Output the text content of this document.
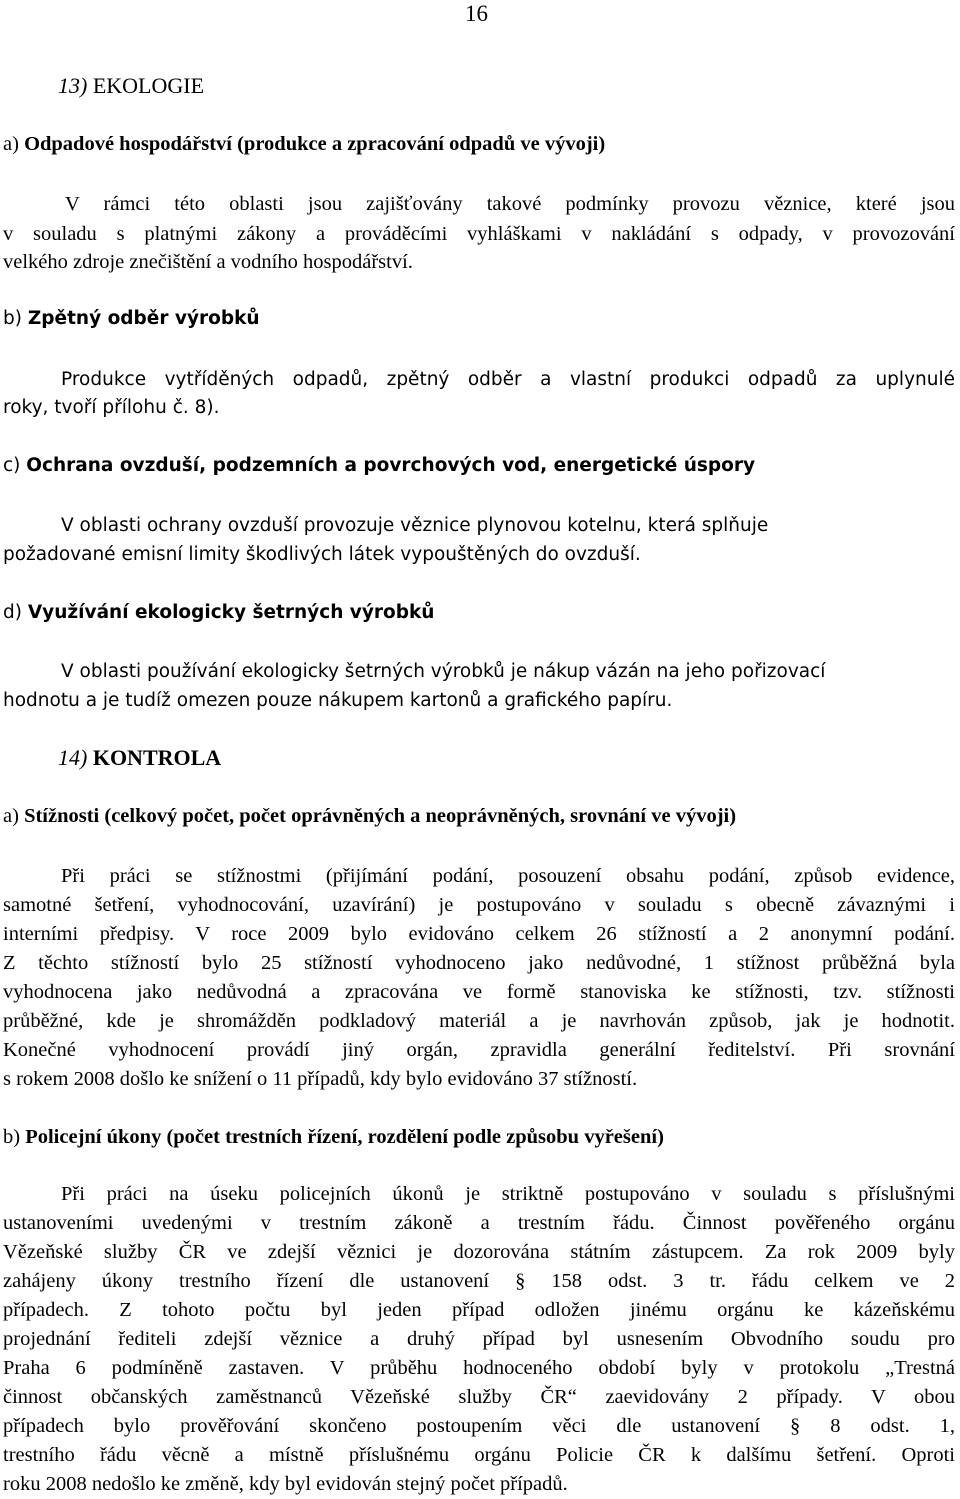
16
13) EKOLOGIE
a) Odpadové hospodářství (produkce a zpracování odpadů ve vývoji)
V rámci této oblasti jsou zajišťovány takové podmínky provozu věznice, které jsou
v souladu s platnými zákony a prováděcími vyhláškami v nakládání s odpady, v provozování
velkého zdroje znečištění a vodního hospodářství.
b) Zpětný odběr výrobků
Produkce vytříděných odpadů, zpětný odběr a vlastní produkci odpadů za uplynulé
roky, tvoří přílohu č. 8).
c) Ochrana ovzduší, podzemních a povrchových vod, energetické úspory
V oblasti ochrany ovzduší provozuje věznice plynovou kotelnu, která splňuje
požadované emisní limity škodlivých látek vypouštěných do ovzduší.
d) Využívání ekologicky šetrných výrobků
V oblasti používání ekologicky šetrných výrobků je nákup vázán na jeho pořizovací
hodnotu a je tudíž omezen pouze nákupem kartonů a grafického papíru.
14) KONTROLA
a) Stížnosti (celkový počet, počet oprávněných a neoprávněných, srovnání ve vývoji)
Při práci se stížnostmi (přijímání podání, posouzení obsahu podání, způsob evidence,
samotné šetření, vyhodnocování, uzavírání) je postupováno v souladu s obecně závaznými i
interními předpisy. V roce 2009 bylo evidováno celkem 26 stížností a 2 anonymní podání.
Z těchto stížností bylo 25 stížností vyhodnoceno jako nedůvodné, 1 stížnost průběžná byla
vyhodnocena jako nedůvodná a zpracována ve formě stanoviska ke stížnosti, tzv. stížnosti
průběžné, kde je shromážděn podkladový materiál a je navrhován způsob, jak je hodnotit.
Konečné vyhodnocení provádí jiný orgán, zpravidla generální ředitelství. Při srovnání
s rokem 2008 došlo ke snížení o 11 případů, kdy bylo evidováno 37 stížností.
b) Policejní úkony (počet trestních řízení, rozdělení podle způsobu vyřešení)
Při práci na úseku policejních úkonů je striktně postupováno v souladu s příslušnými
ustanoveními uvedenými v trestním zákoně a trestním řádu. Činnost pověřeného orgánu
Vězeňské služby ČR ve zdejší věznici je dozorována státním zástupcem. Za rok 2009 byly
zahájeny úkony trestního řízení dle ustanovení § 158 odst. 3 tr. řádu celkem ve 2
případech. Z tohoto počtu byl jeden případ odložen jinému orgánu ke kázeňskému
projednání řediteli zdejší věznice a druhý případ byl usnesením Obvodního soudu pro
Praha 6 podmíněně zastaven. V průběhu hodnoceného období byly v protokolu „Trestná
činnost občanských zaměstnanců Vězeňské služby ČR“ zaevidovány 2 případy. V obou
případech bylo prověřování skončeno postoupením věci dle ustanovení § 8 odst. 1,
trestního řádu věcně a místně příslušnému orgánu Policie ČR k dalšímu šetření. Oproti
roku 2008 nedošlo ke změně, kdy byl evidován stejný počet případů.
